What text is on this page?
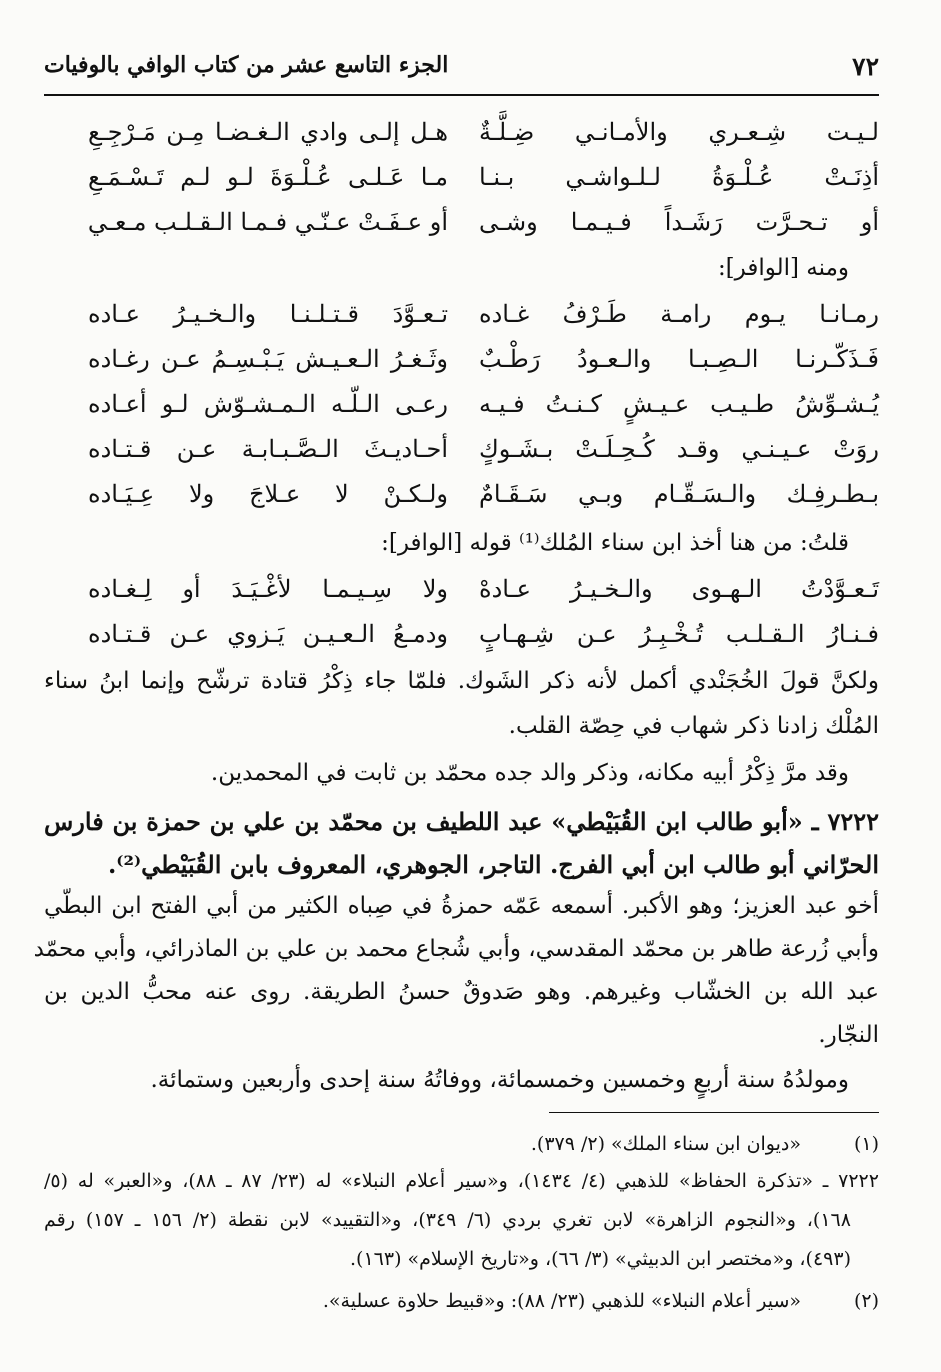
٧٢
الجزء التاسع عشر من كتاب الوافي بالوفيات
لـيـت شِـعـري والأمـانـي ضِـلَّـةٌ
هـل إلـى وادي الـغـضـا مِـن مَـرْجِـعِ
أذِنَـتْ عُـلْـوَةُ لـلـواشـي بـنـا
مـا عَـلـى عُـلْـوَةَ لـو لـم تَـسْـمَـعِ
أو تـحـرَّت رَشَـداً فـيـمـا وشـى
أو عـفَـتْ عـنّـي فـمـا الـقـلـب مـعـي
ومنه [الوافر]:
رمـانـا يـوم رامـة طَـرْفُ غـاده
تـعـوَّدَ قـتـلـنـا والـخـيـرُ عـاده
فَـذَكّـرنـا الـصِـبـا والـعـودُ رَطْـبٌ
وثَـغـرُ الـعـيـش يَـبْـسِـمُ عـن رغـاده
يُـشـوِّشُ طـيـب عـيـشٍ كـنـتُ فـيـه
رعـى الـلّـه الـمـشـوّش لـو أعـاده
روَتْ عـيـنـي وقـد كُـحِـلَـتْ بـشَـوكٍ
أحـاديـثَ الـصَّـبـابـة عـن قـتـاده
بـطـرفِـك والـسَـقّـام وبـي سَـقَـامٌ
ولـكـنْ لا عـلاجَ ولا عِـيَـاده
قلتُ: من هنا أخذ ابن سناء المُلك⁽¹⁾ قوله [الوافر]:
تَـعـوَّدْتُ الـهـوى والـخـيـرُ عـادهْ
ولا سِـيـمـا لأغْـيَـدَ أو لِـغـاده
فـنـارُ الـقـلـب تُـخْـبِـرُ عـن شِـهـابٍ
ودمـعُ الـعـيـن يَـزوي عـن قـتـاده
ولكنَّ قولَ الخُجَنْدي أكمل لأنه ذكر الشَوك. فلمّا جاء ذِكْرُ قتادة ترشّح وإنما ابنُ سناء
المُلْك زادنا ذكر شهاب في حِصّة القلب.
وقد مرَّ ذِكْرُ أبيه مكانه، وذكر والد جده محمّد بن ثابت في المحمدين.
٧٢٢٢ ـ «أبو طالب ابن القُبَيْطي» عبد اللطيف بن محمّد بن علي بن حمزة بن فارس
الحرّاني أبو طالب ابن أبي الفرج. التاجر، الجوهري، المعروف بابن القُبَيْطي⁽²⁾.
أخو عبد العزيز؛ وهو الأكبر. أسمعه عَمّه حمزةُ في صِباه الكثير من أبي الفتح ابن البطّي
وأبي زُرعة طاهر بن محمّد المقدسي، وأبي شُجاع محمد بن علي بن الماذرائي، وأبي محمّد
عبد الله بن الخشّاب وغيرهم. وهو صَدوقٌ حسنُ الطريقة. روى عنه محبُّ الدين بن
النجّار.
ومولدُهُ سنة أربعٍ وخمسين وخمسمائة، ووفاتُهُ سنة إحدى وأربعين وستمائة.
(١)
«ديوان ابن سناء الملك» (٢/ ٣٧٩).
٧٢٢٢ ـ «تذكرة الحفاظ» للذهبي (٤/ ١٤٣٤)، و«سير أعلام النبلاء» له (٢٣/ ٨٧ ـ ٨٨)، و«العبر» له (٥/
١٦٨)، و«النجوم الزاهرة» لابن تغري بردي (٦/ ٣٤٩)، و«التقييد» لابن نقطة (٢/ ١٥٦ ـ ١٥٧) رقم
(٤٩٣)، و«مختصر ابن الدبيثي» (٣/ ٦٦)، و«تاريخ الإسلام» (١٦٣).
(٢)
«سير أعلام النبلاء» للذهبي (٢٣/ ٨٨): و«قبيط حلاوة عسلية».
